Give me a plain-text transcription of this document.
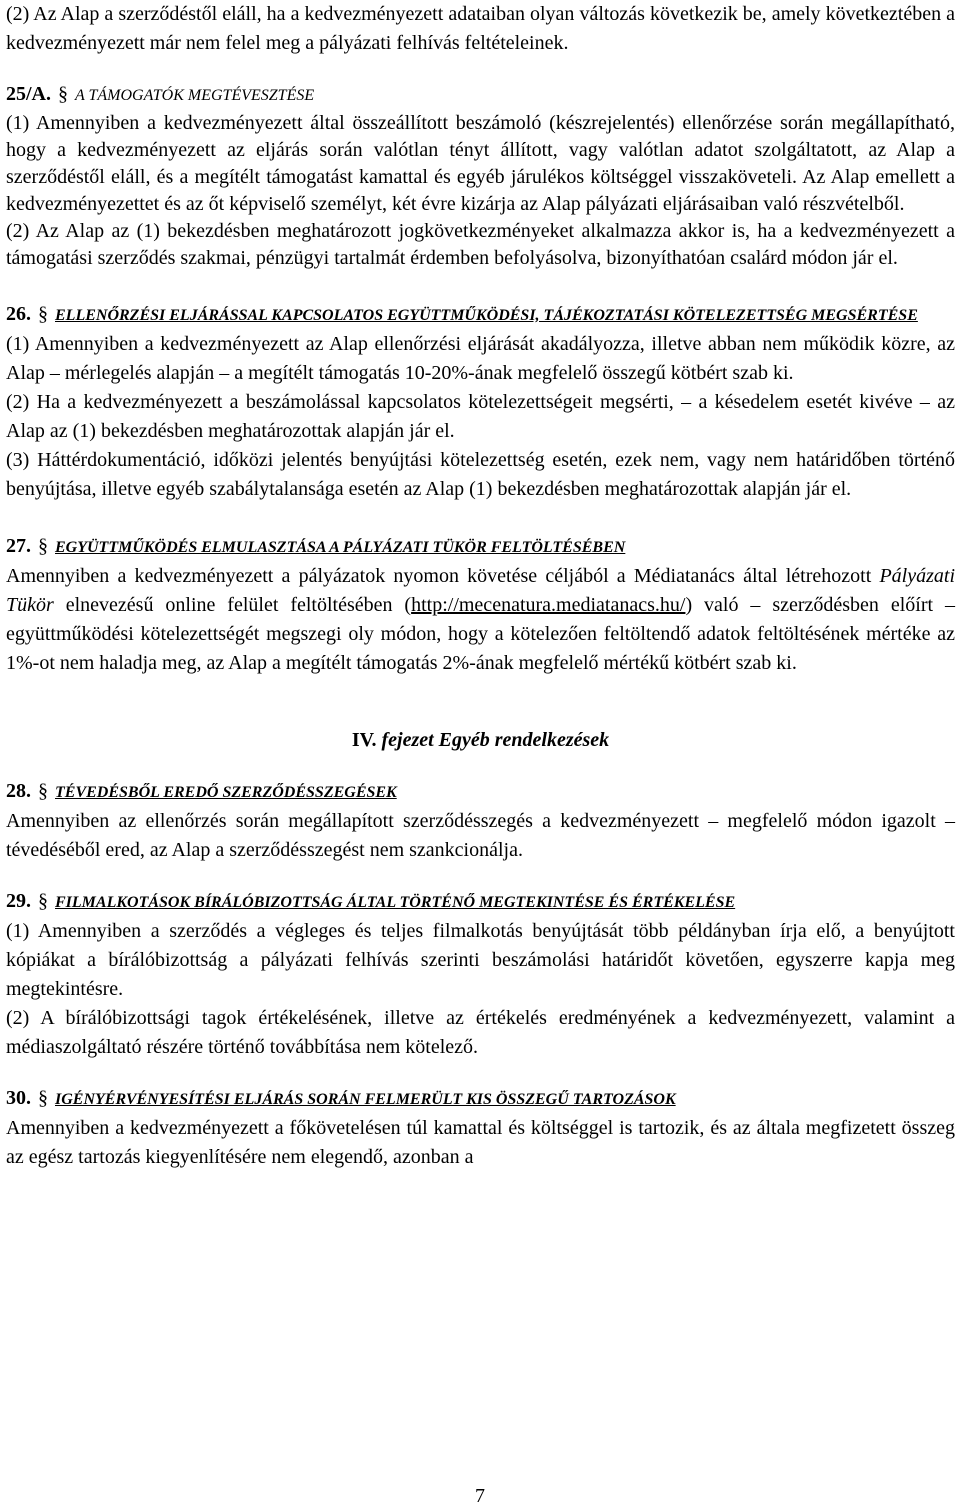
(2) Az Alap a szerződéstől eláll, ha a kedvezményezett adataiban olyan változás következik be, amely következtében a kedvezményezett már nem felel meg a pályázati felhívás feltételeinek.

25/A. § A TÁMOGATÓK MEGTÉVESZTÉSE

(1) Amennyiben a kedvezményezett által összeállított beszámoló (készrejelentés) ellenőrzése során megállapítható, hogy a kedvezményezett az eljárás során valótlan tényt állított, vagy valótlan adatot szolgáltatott, az Alap a szerződéstől eláll, és a megítélt támogatást kamattal és egyéb járulékos költséggel visszaköveteli. Az Alap emellett a kedvezményezettet és az őt képviselő személyt, két évre kizárja az Alap pályázati eljárásaiban való részvételből.

(2) Az Alap az (1) bekezdésben meghatározott jogkövetkezményeket alkalmazza akkor is, ha a kedvezményezett a támogatási szerződés szakmai, pénzügyi tartalmát érdemben befolyásolva, bizonyíthatóan csalárd módon jár el.

26. § ELLENŐRZÉSI ELJÁRÁSSAL KAPCSOLATOS EGYÜTTMŰKÖDÉSI, TÁJÉKOZTATÁSI KÖTELEZETTSÉG MEGSÉRTÉSE

(1) Amennyiben a kedvezményezett az Alap ellenőrzési eljárását akadályozza, illetve abban nem működik közre, az Alap – mérlegelés alapján – a megítélt támogatás 10-20%-ának megfelelő összegű kötbért szab ki.

(2) Ha a kedvezményezett a beszámolással kapcsolatos kötelezettségeit megsérti, – a késedelem esetét kivéve – az Alap az (1) bekezdésben meghatározottak alapján jár el.

(3) Háttérdokumentáció, időközi jelentés benyújtási kötelezettség esetén, ezek nem, vagy nem határidőben történő benyújtása, illetve egyéb szabálytalansága esetén az Alap (1) bekezdésben meghatározottak alapján jár el.

27. § EGYÜTTMŰKÖDÉS ELMULASZTÁSA A PÁLYÁZATI TÜKÖR FELTÖLTÉSÉBEN

Amennyiben a kedvezményezett a pályázatok nyomon követése céljából a Médiatanács által létrehozott Pályázati Tükör elnevezésű online felület feltöltésében (http://mecenatura.mediatanacs.hu/) való – szerződésben előírt – együttműködési kötelezettségét megszegi oly módon, hogy a kötelezően feltöltendő adatok feltöltésének mértéke az 1%-ot nem haladja meg, az Alap a megítélt támogatás 2%-ának megfelelő mértékű kötbért szab ki.

IV. fejezet Egyéb rendelkezések

28. § TÉVEDÉSBŐL EREDŐ SZERZŐDÉSSZEGÉSEK

Amennyiben az ellenőrzés során megállapított szerződésszegés a kedvezményezett – megfelelő módon igazolt – tévedéséből ered, az Alap a szerződésszegést nem szankcionálja.

29. § FILMALKOTÁSOK BÍRÁLÓBIZOTTSÁG ÁLTAL TÖRTÉNŐ MEGTEKINTÉSE ÉS ÉRTÉKELÉSE

(1) Amennyiben a szerződés a végleges és teljes filmalkotás benyújtását több példányban írja elő, a benyújtott kópiákat a bírálóbizottság a pályázati felhívás szerinti beszámolási határidőt követően, egyszerre kapja meg megtekintésre.

(2) A bírálóbizottsági tagok értékelésének, illetve az értékelés eredményének a kedvezményezett, valamint a médiaszolgáltató részére történő továbbítása nem kötelező.

30. § IGÉNYÉRVÉNYESÍTÉSI ELJÁRÁS SORÁN FELMERÜLT KIS ÖSSZEGŰ TARTOZÁSOK

Amennyiben a kedvezményezett a főkövetelésen túl kamattal és költséggel is tartozik, és az általa megfizetett összeg az egész tartozás kiegyenlítésére nem elegendő, azonban a

7
